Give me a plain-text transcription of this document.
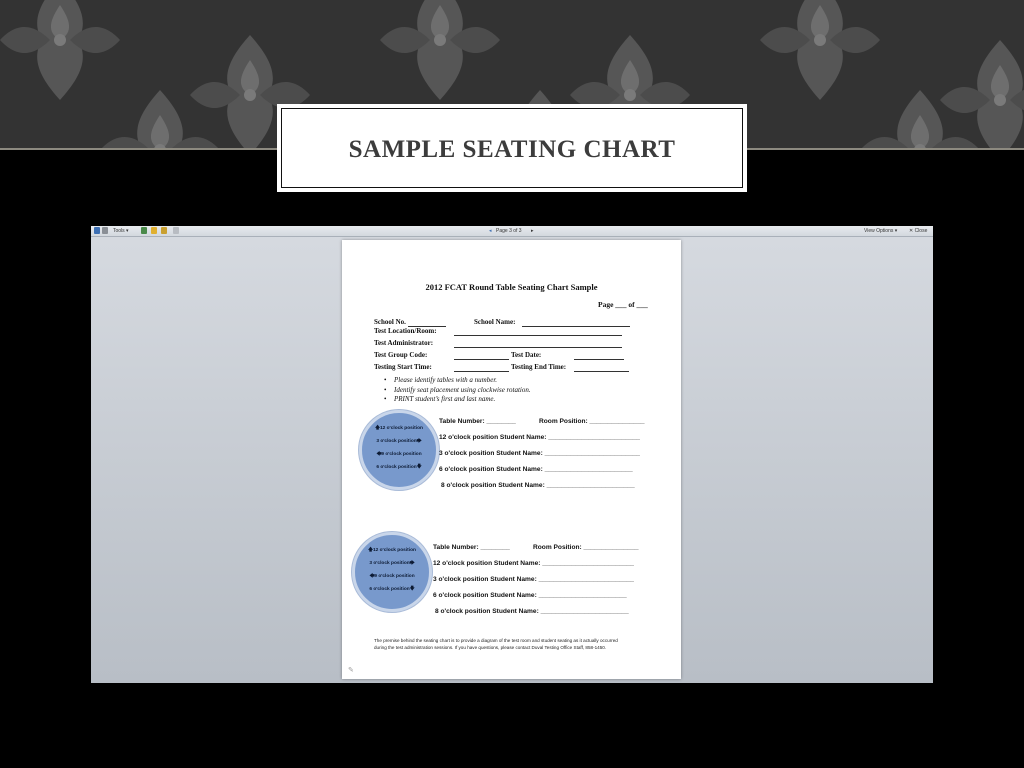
SAMPLE SEATING CHART
Tools ▾	◂ Page 3 of 3 ▸	View Options ▾ ✕ Close
2012 FCAT Round Table Seating Chart Sample
Page ___ of ___
School No.	School Name:
Test Location/Room:
Test Administrator:
Test Group Code:	Test Date:
Testing Start Time:	Testing End Time:
• Please identify tables with a number.
• Identify seat placement using clockwise rotation.
• PRINT student’s first and last name.
🡅12 o'clock position
3 o'clock position🡆
🡄9 o'clock position
6 o'clock position🡇
Table Number: ________	Room Position: _______________
12 o'clock position Student Name: _________________________
3 o'clock position Student Name: __________________________
6 o'clock position Student Name: ________________________
8 o'clock position Student Name: ________________________
🡅12 o'clock position
3 o'clock position🡆
🡄9 o'clock position
6 o'clock position🡇
Table Number: ________	Room Position: _______________
12 o'clock position Student Name: _________________________
3 o'clock position Student Name: __________________________
6 o'clock position Student Name: ________________________
8 o'clock position Student Name: ________________________
The premise behind the seating chart is to provide a diagram of the test room and student seating as it actually occurred
during the test administration sessions. If you have questions, please contact Duval Testing Office Staff, 858-1450.
✎
